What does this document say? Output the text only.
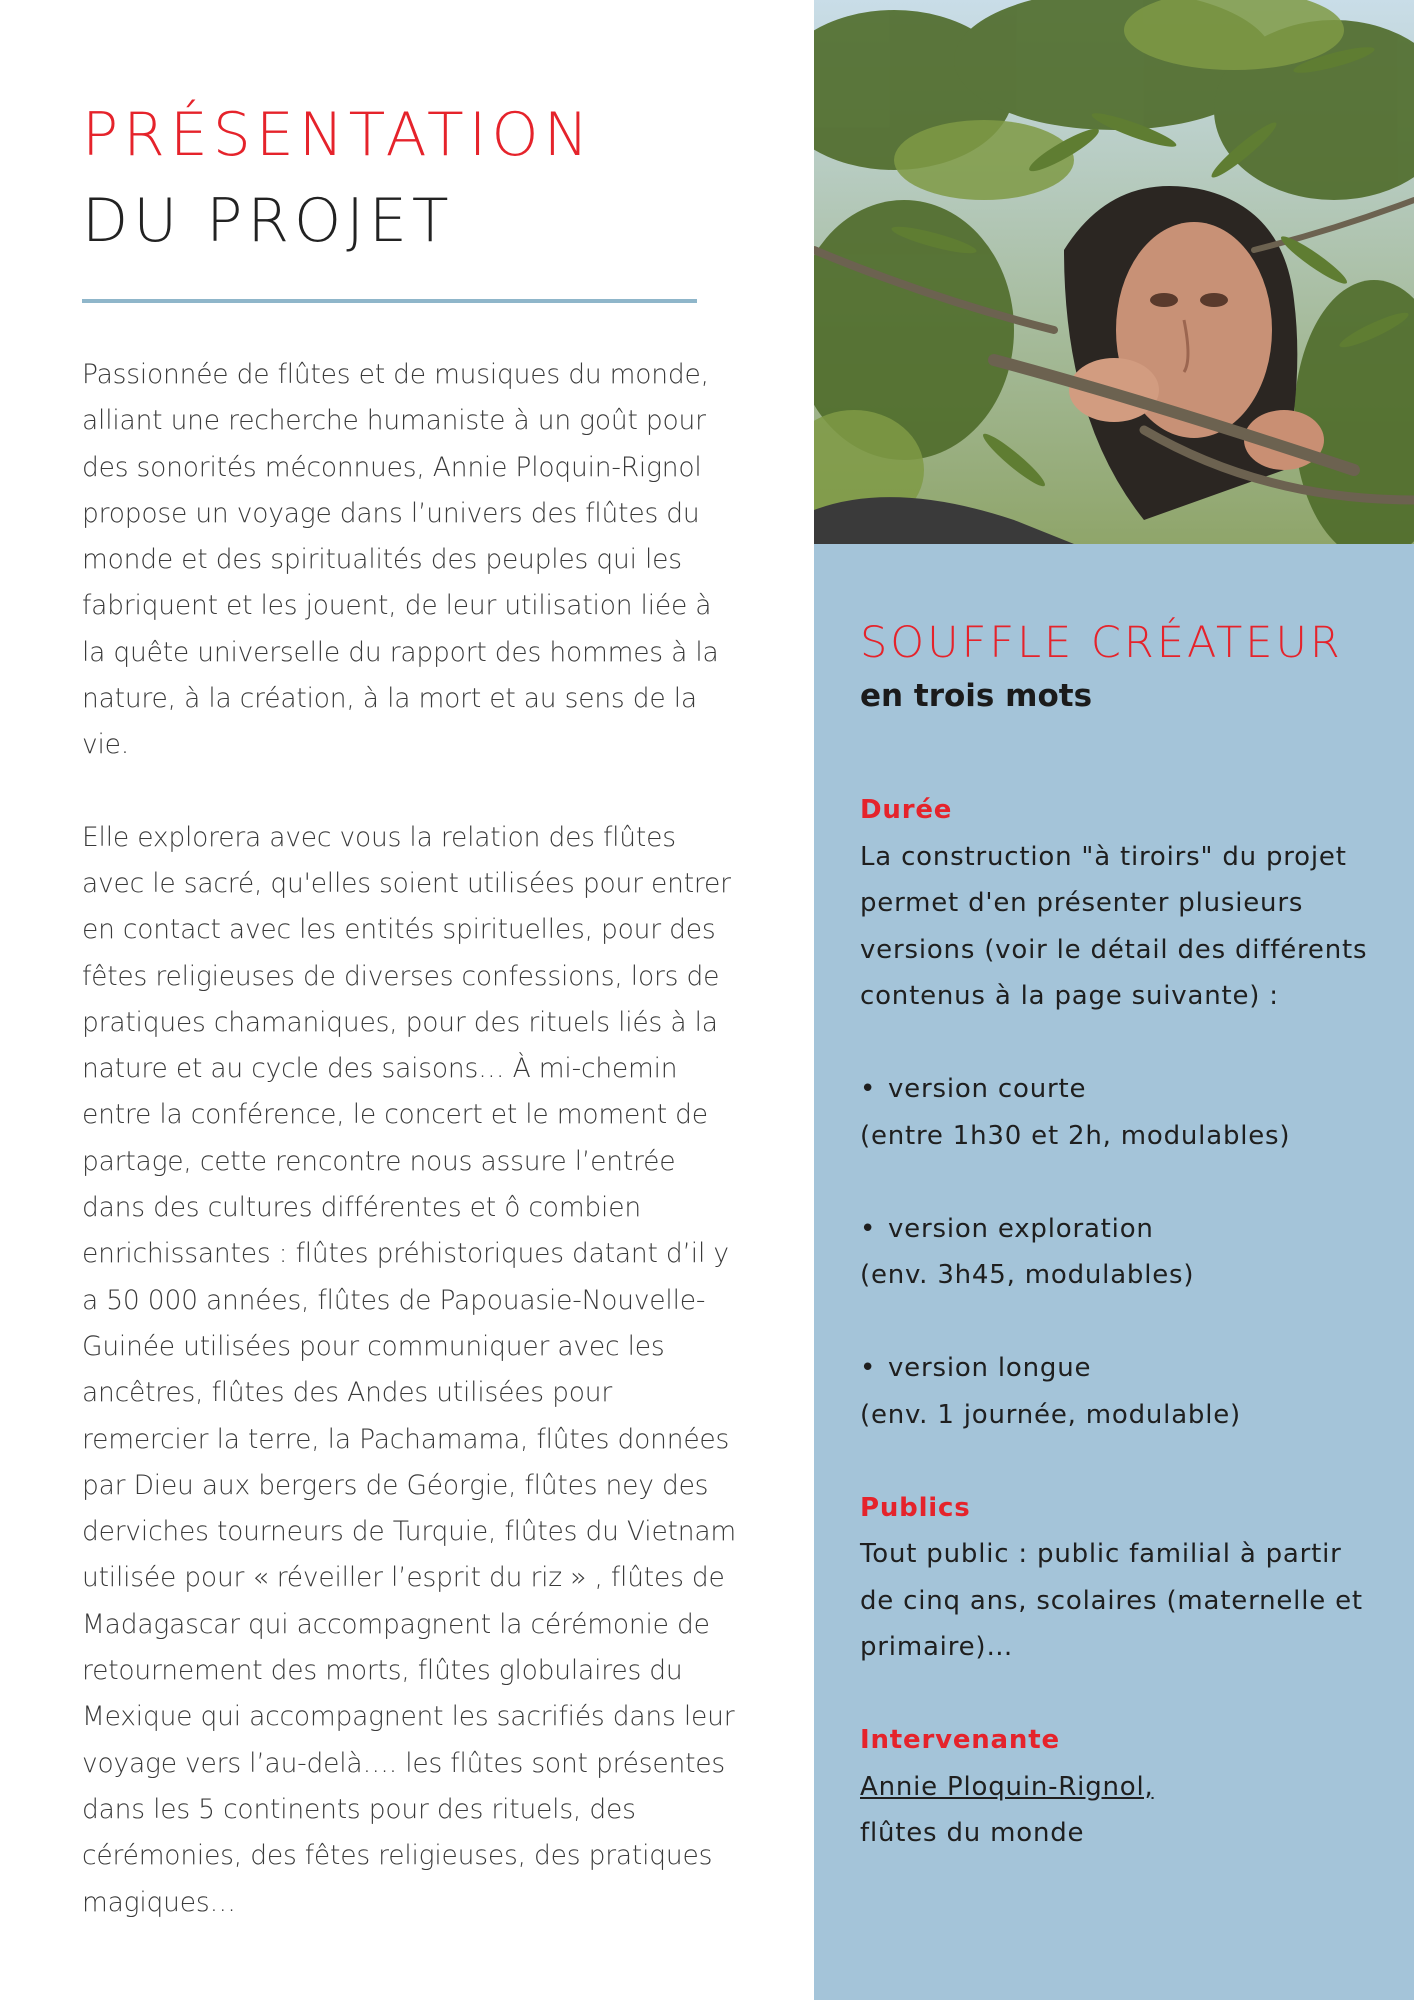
PRÉSENTATION
DU PROJET

Passionnée de flûtes et de musiques du monde, alliant une recherche humaniste à un goût pour des sonorités méconnues, Annie Ploquin-Rignol propose un voyage dans l’univers des flûtes du monde et des spiritualités des peuples qui les fabriquent et les jouent, de leur utilisation liée à la quête universelle du rapport des hommes à la nature, à la création, à la mort et au sens de la vie.

Elle explorera avec vous la relation des flûtes avec le sacré, qu'elles soient utilisées pour entrer en contact avec les entités spirituelles, pour des fêtes religieuses de diverses confessions, lors de pratiques chamaniques, pour des rituels liés à la nature et au cycle des saisons… À mi-chemin entre la conférence, le concert et le moment de partage, cette rencontre nous assure l’entrée dans des cultures différentes et ô combien enrichissantes : flûtes préhistoriques datant d’il y a 50 000 années, flûtes de Papouasie-Nouvelle-Guinée utilisées pour communiquer avec les ancêtres, flûtes des Andes utilisées pour remercier la terre, la Pachamama, flûtes données par Dieu aux bergers de Géorgie, flûtes ney des derviches tourneurs de Turquie, flûtes du Vietnam utilisée pour « réveiller l’esprit du riz » , flûtes de Madagascar qui accompagnent la cérémonie de retournement des morts, flûtes globulaires du Mexique qui accompagnent les sacrifiés dans leur voyage vers l’au-delà…. les flûtes sont présentes dans les 5 continents pour des rituels, des cérémonies, des fêtes religieuses, des pratiques magiques…

SOUFFLE CRÉATEUR
en trois mots
Durée
La construction "à tiroirs" du projet permet d'en présenter plusieurs versions (voir le détail des différents contenus à la page suivante) :
• version courte
(entre 1h30 et 2h, modulables)
• version exploration
(env. 3h45, modulables)
• version longue
(env. 1 journée, modulable)
Publics
Tout public : public familial à partir de cinq ans, scolaires (maternelle et primaire)…
Intervenante
Annie Ploquin-Rignol,
flûtes du monde
